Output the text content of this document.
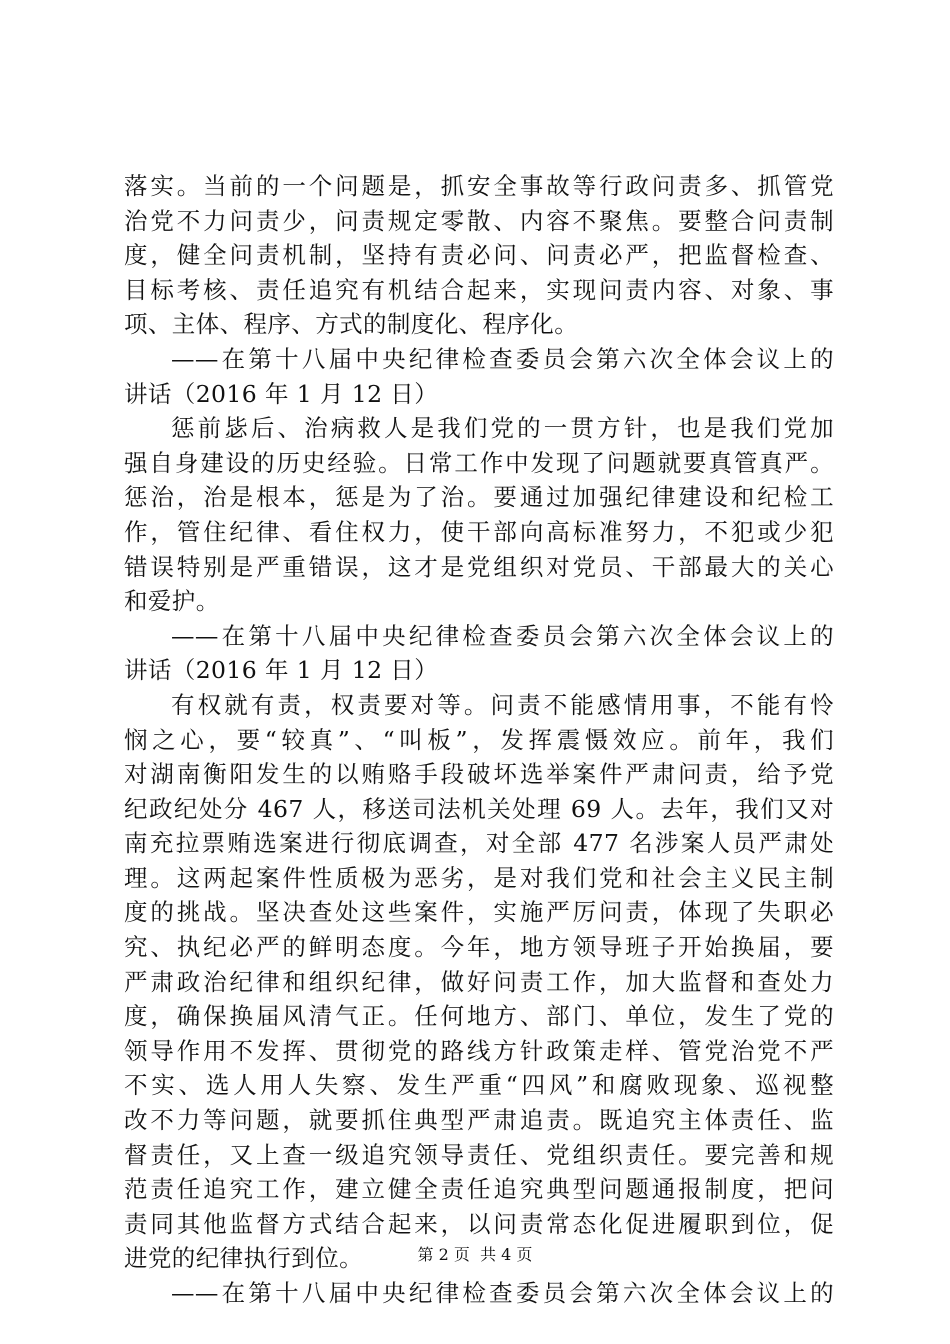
落实。当前的一个问题是，抓安全事故等行政问责多、抓管党
治党不力问责少，问责规定零散、内容不聚焦。要整合问责制
度，健全问责机制，坚持有责必问、问责必严，把监督检查、
目标考核、责任追究有机结合起来，实现问责内容、对象、事
项、主体、程序、方式的制度化、程序化。
——在第十八届中央纪律检查委员会第六次全体会议上的
讲话（2016 年 1 月 12 日）
惩前毖后、治病救人是我们党的一贯方针，也是我们党加
强自身建设的历史经验。日常工作中发现了问题就要真管真严。
惩治，治是根本，惩是为了治。要通过加强纪律建设和纪检工
作，管住纪律、看住权力，使干部向高标准努力，不犯或少犯
错误特别是严重错误，这才是党组织对党员、干部最大的关心
和爱护。
——在第十八届中央纪律检查委员会第六次全体会议上的
讲话（2016 年 1 月 12 日）
有权就有责，权责要对等。问责不能感情用事，不能有怜
悯之心，要“较真”、“叫板”，发挥震慑效应。前年，我们
对湖南衡阳发生的以贿赂手段破坏选举案件严肃问责，给予党
纪政纪处分 467 人，移送司法机关处理 69 人。去年，我们又对
南充拉票贿选案进行彻底调查，对全部 477 名涉案人员严肃处
理。这两起案件性质极为恶劣，是对我们党和社会主义民主制
度的挑战。坚决查处这些案件，实施严厉问责，体现了失职必
究、执纪必严的鲜明态度。今年，地方领导班子开始换届，要
严肃政治纪律和组织纪律，做好问责工作，加大监督和查处力
度，确保换届风清气正。任何地方、部门、单位，发生了党的
领导作用不发挥、贯彻党的路线方针政策走样、管党治党不严
不实、选人用人失察、发生严重“四风”和腐败现象、巡视整
改不力等问题，就要抓住典型严肃追责。既追究主体责任、监
督责任，又上查一级追究领导责任、党组织责任。要完善和规
范责任追究工作，建立健全责任追究典型问题通报制度，把问
责同其他监督方式结合起来，以问责常态化促进履职到位，促
进党的纪律执行到位。
——在第十八届中央纪律检查委员会第六次全体会议上的
第 2 页  共 4 页
